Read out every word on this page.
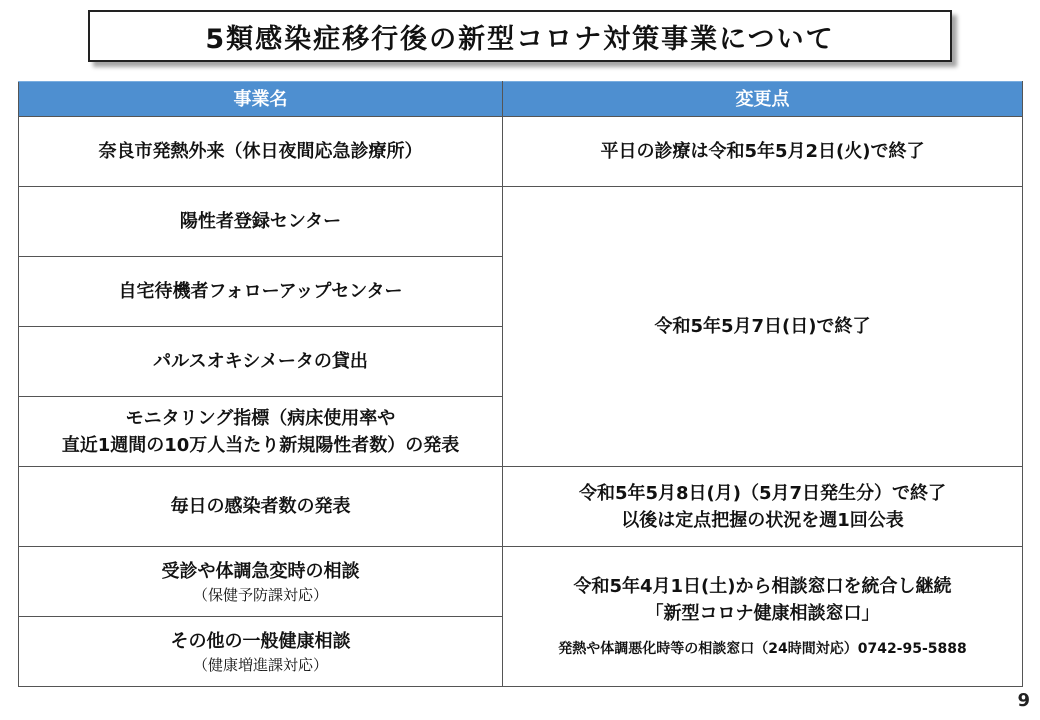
5類感染症移行後の新型コロナ対策事業について
事業名	変更点
奈良市発熱外来（休日夜間応急診療所）	平日の診療は令和5年5月2日(火)で終了
陽性者登録センター	令和5年5月7日(日)で終了
自宅待機者フォローアップセンター	
パルスオキシメータの貸出	

モニタリング指標（病床使用率や
直近1週間の10万人当たり新規陽性者数）の発表	

毎日の感染者数の発表	令和5年5月8日(月)（5月7日発生分）で終了
以後は定点把握の状況を週1回公表

受診や体調急変時の相談
（保健予防課対応）	令和5年4月1日(土)から相談窓口を統合し継続
「新型コロナ健康相談窓口」
発熱や体調悪化時等の相談窓口（24時間対応）0742-95-5888

その他の一般健康相談
（健康増進課対応）	
9
